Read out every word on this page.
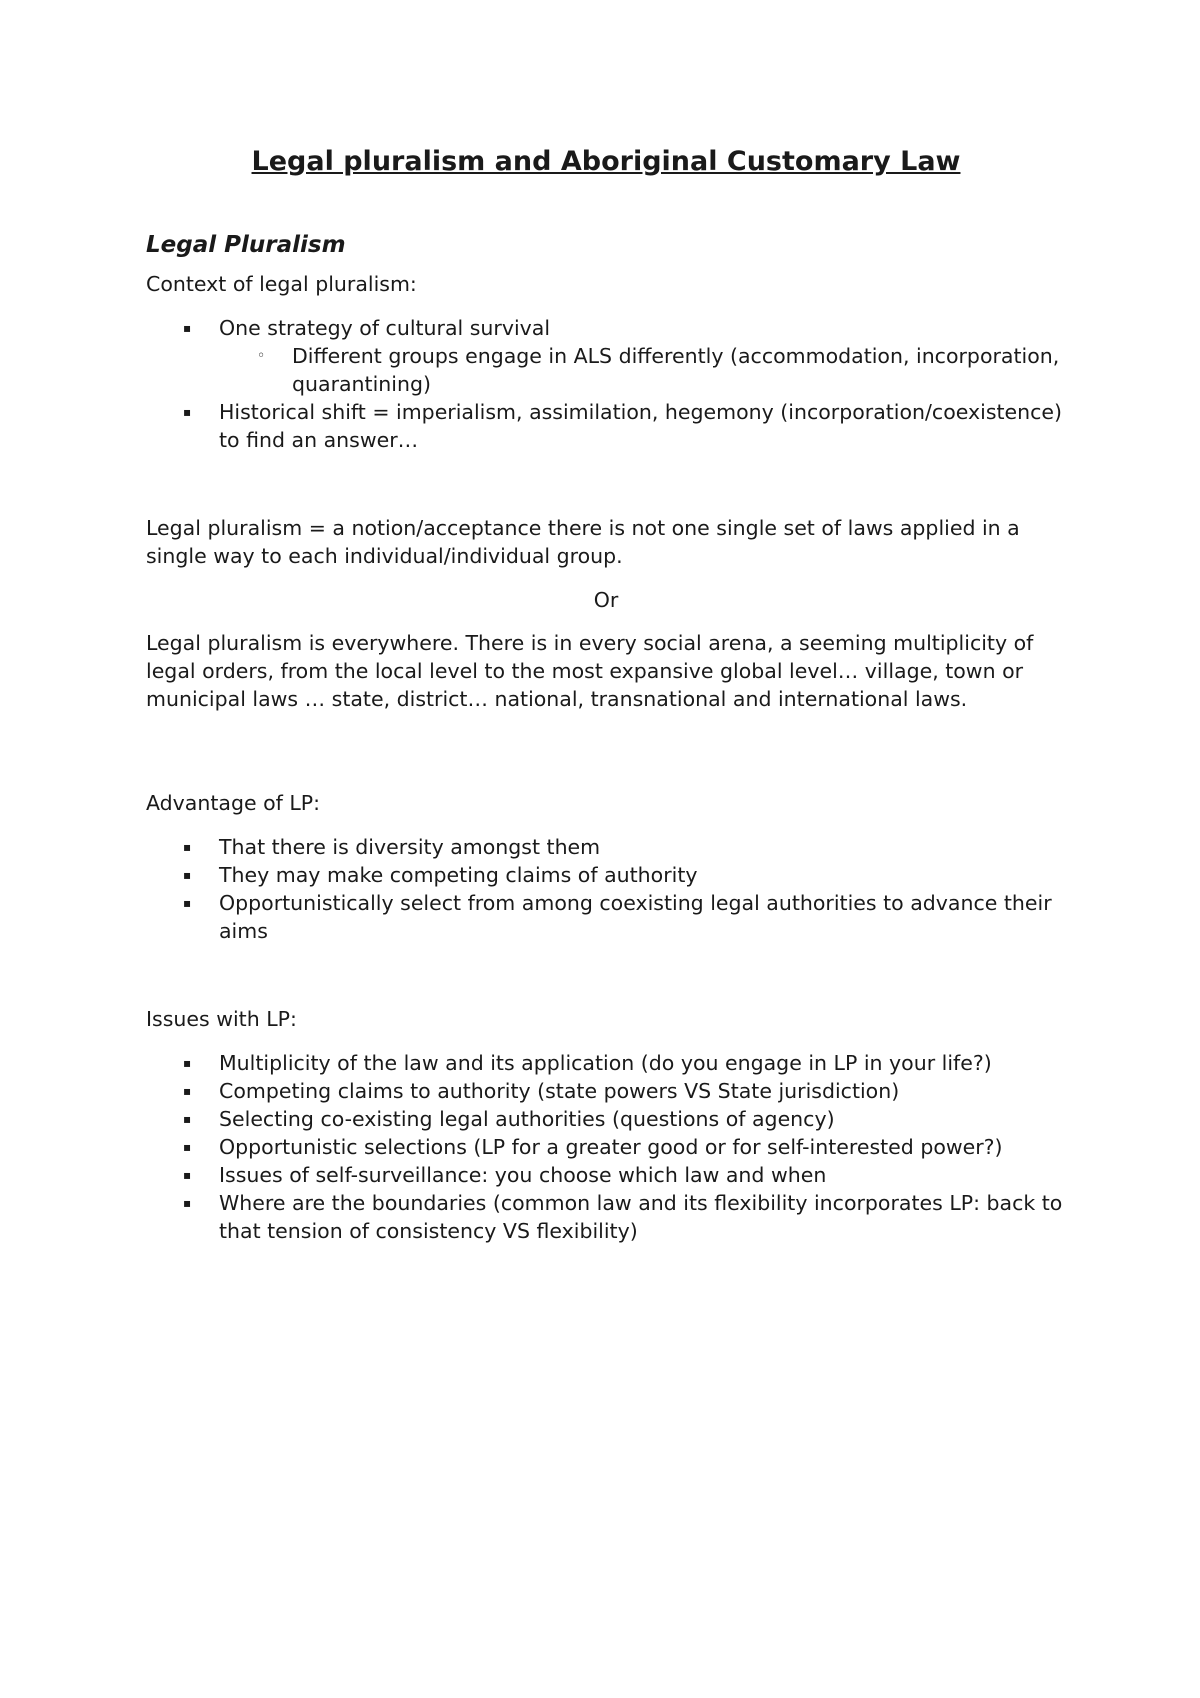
Legal pluralism and Aboriginal Customary Law
Legal Pluralism
Context of legal pluralism:
▪ One strategy of cultural survival
◦ Different groups engage in ALS differently (accommodation, incorporation, quarantining)
▪ Historical shift = imperialism, assimilation, hegemony (incorporation/coexistence) to find an answer…
Legal pluralism = a notion/acceptance there is not one single set of laws applied in a single way to each individual/individual group.
Or
Legal pluralism is everywhere. There is in every social arena, a seeming multiplicity of legal orders, from the local level to the most expansive global level… village, town or municipal laws … state, district… national, transnational and international laws.
Advantage of LP:
▪ That there is diversity amongst them
▪ They may make competing claims of authority
▪ Opportunistically select from among coexisting legal authorities to advance their aims
Issues with LP:
▪ Multiplicity of the law and its application (do you engage in LP in your life?)
▪ Competing claims to authority (state powers VS State jurisdiction)
▪ Selecting co-existing legal authorities (questions of agency)
▪ Opportunistic selections (LP for a greater good or for self-interested power?)
▪ Issues of self-surveillance: you choose which law and when
▪ Where are the boundaries (common law and its flexibility incorporates LP: back to that tension of consistency VS flexibility)
